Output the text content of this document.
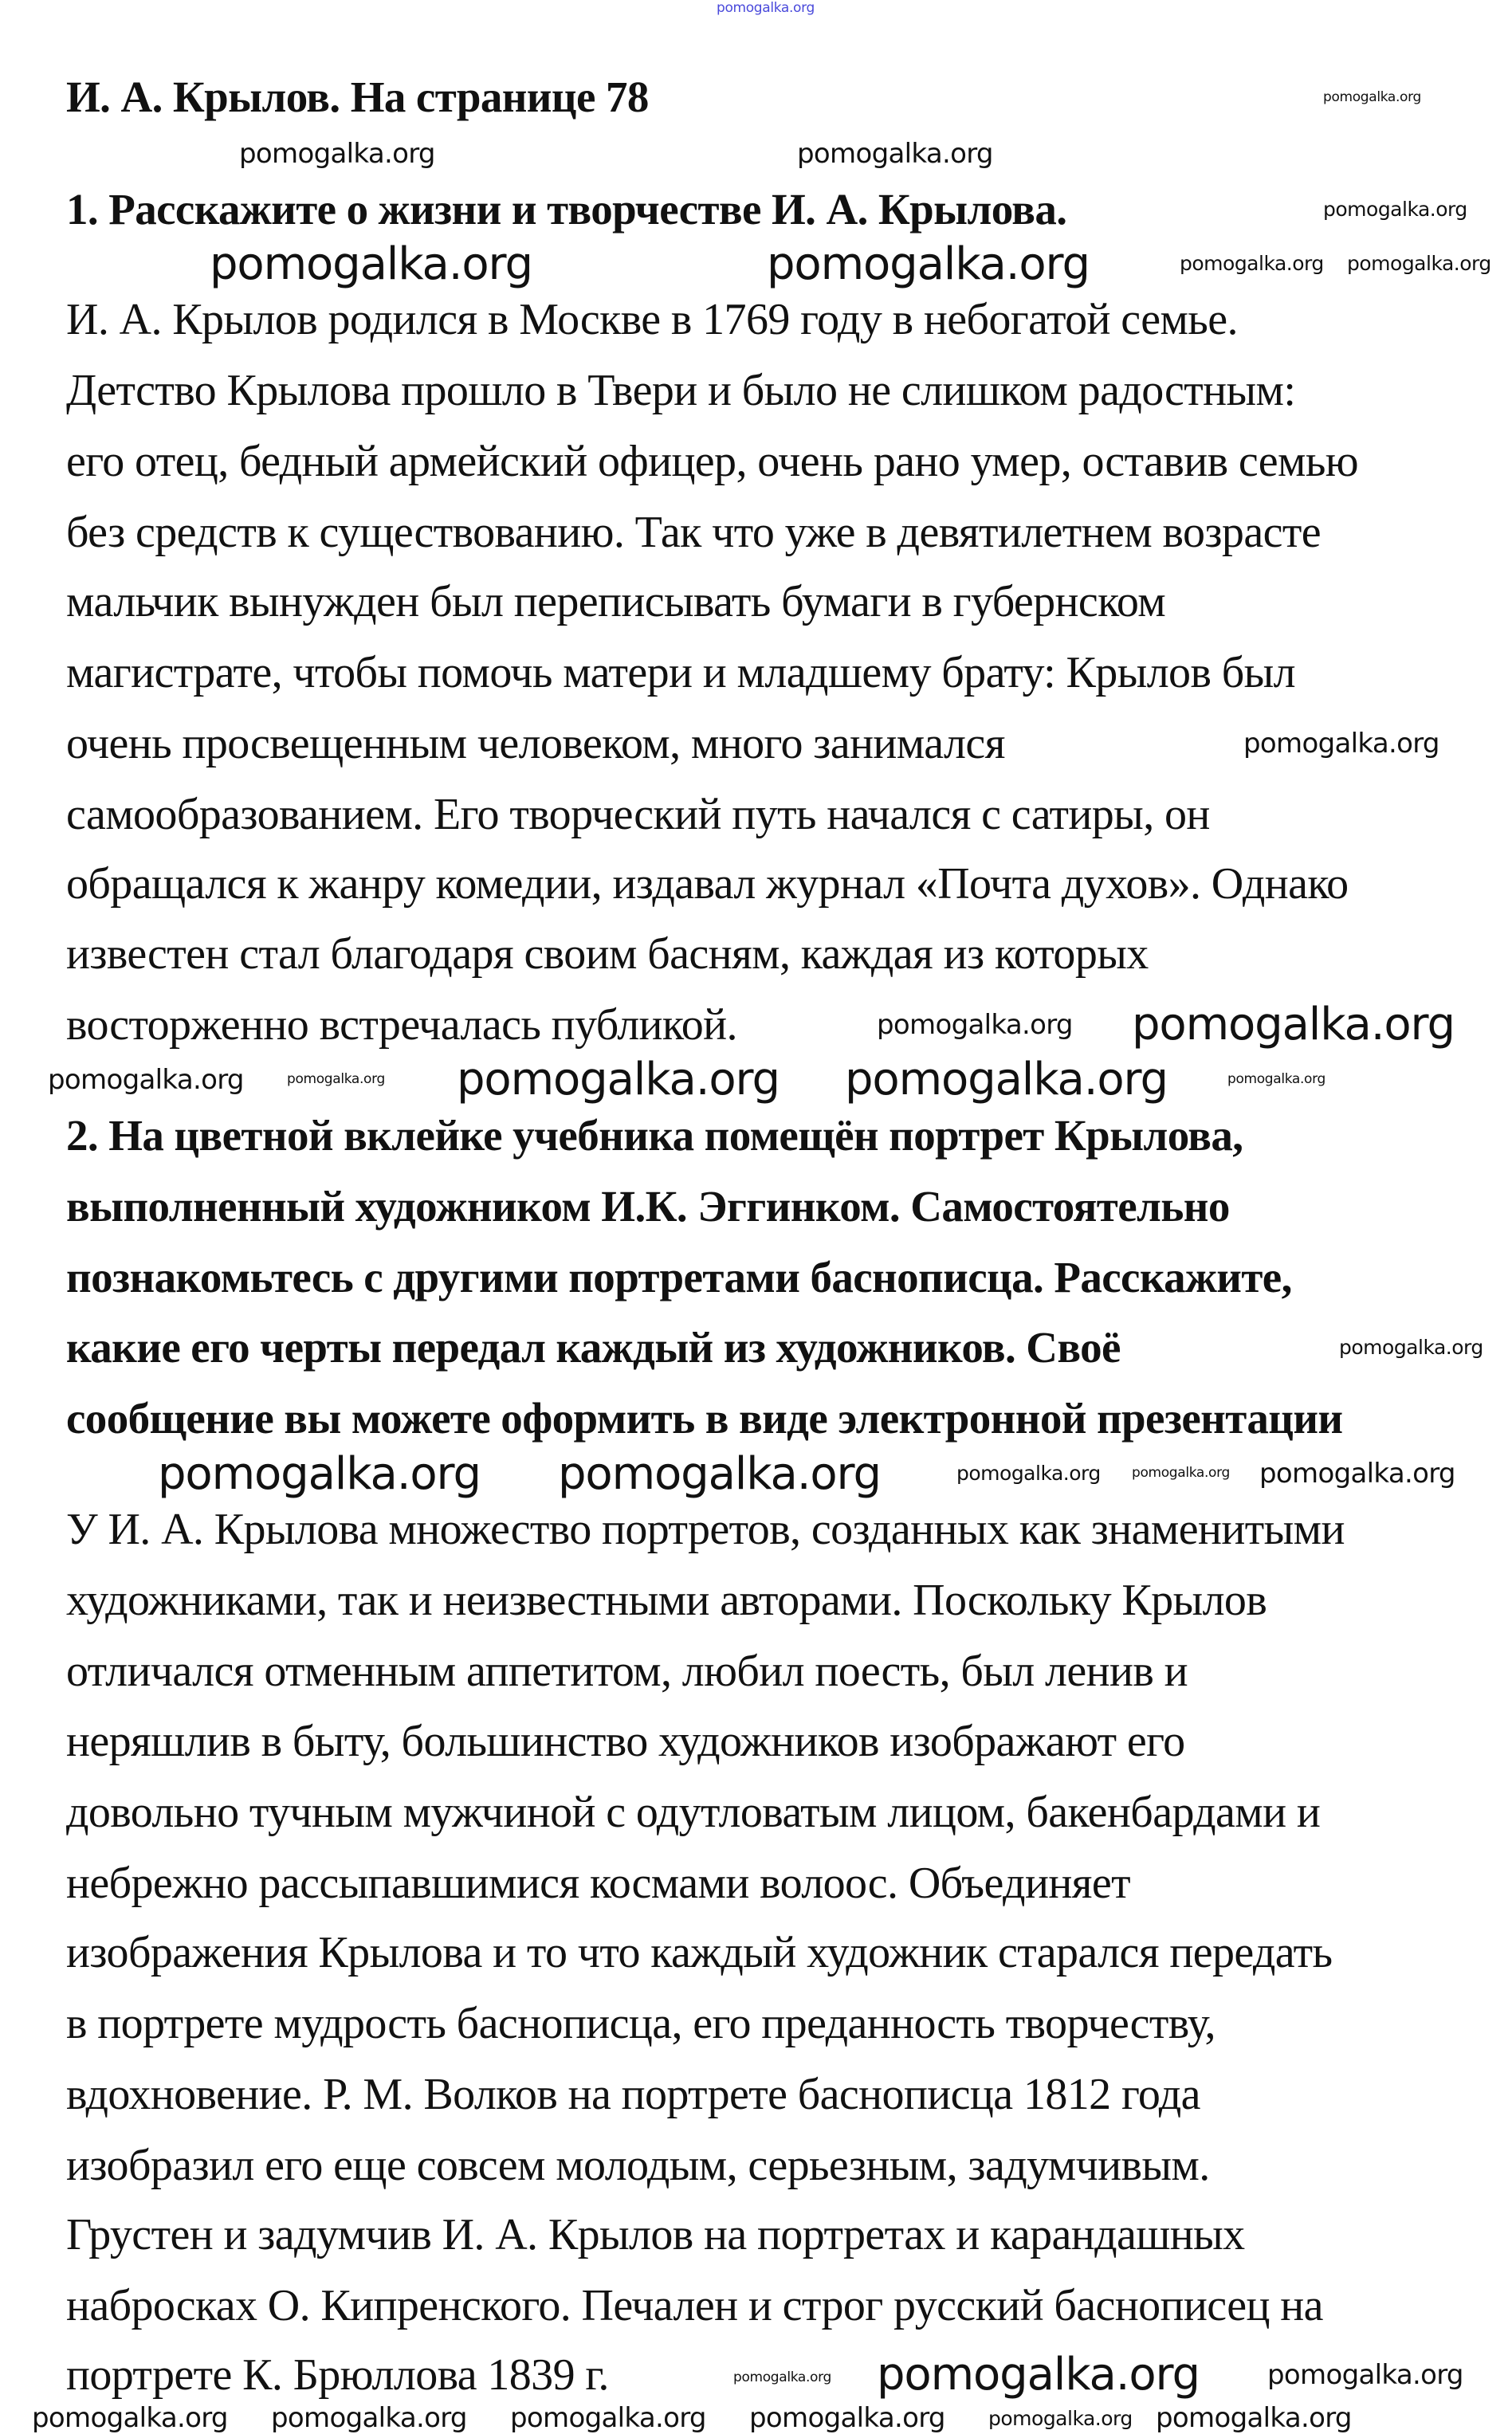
И. А. Крылов. На странице 78
1. Расскажите о жизни и творчестве И. А. Крылова.
И. А. Крылов родился в Москве в 1769 году в небогатой семье.
Детство Крылова прошло в Твери и было не слишком радостным:
его отец, бедный армейский офицер, очень рано умер, оставив семью
без средств к существованию. Так что уже в девятилетнем возрасте
мальчик вынужден был переписывать бумаги в губернском
магистрате, чтобы помочь матери и младшему брату: Крылов был
очень просвещенным человеком, много занимался
самообразованием. Его творческий путь начался с сатиры, он
обращался к жанру комедии, издавал журнал «Почта духов». Однако
известен стал благодаря своим басням, каждая из которых
восторженно встречалась публикой.
2. На цветной вклейке учебника помещён портрет Крылова,
выполненный художником И.К. Эггинком. Самостоятельно
познакомьтесь с другими портретами баснописца. Расскажите,
какие его черты передал каждый из художников. Своё
сообщение вы можете оформить в виде электронной презентации
У И. А. Крылова множество портретов, созданных как знаменитыми
художниками, так и неизвестными авторами. Поскольку Крылов
отличался отменным аппетитом, любил поесть, был ленив и
неряшлив в быту, большинство художников изображают его
довольно тучным мужчиной с одутловатым лицом, бакенбардами и
небрежно рассыпавшимися космами волоос. Объединяет
изображения Крылова и то что каждый художник старался передать
в портрете мудрость баснописца, его преданность творчеству,
вдохновение. Р. М. Волков на портрете баснописца 1812 года
изобразил его еще совсем молодым, серьезным, задумчивым.
Грустен и задумчив И. А. Крылов на портретах и карандашных
набросках О. Кипренского. Печален и строг русский баснописец на
портрете К. Брюллова 1839 г.
pomogalka.org
pomogalka.org
pomogalka.org	pomogalka.org
pomogalka.org
pomogalka.org	pomogalka.org	pomogalka.org pomogalka.org
pomogalka.org
pomogalka.org pomogalka.org
pomogalka.org	pomogalka.org pomogalka.org pomogalka.org	pomogalka.org
pomogalka.org
pomogalka.org pomogalka.org	pomogalka.org pomogalka.org pomogalka.org
pomogalka.org pomogalka.org	pomogalka.org
pomogalka.org pomogalka.org pomogalka.org pomogalka.org pomogalka.org pomogalka.org
